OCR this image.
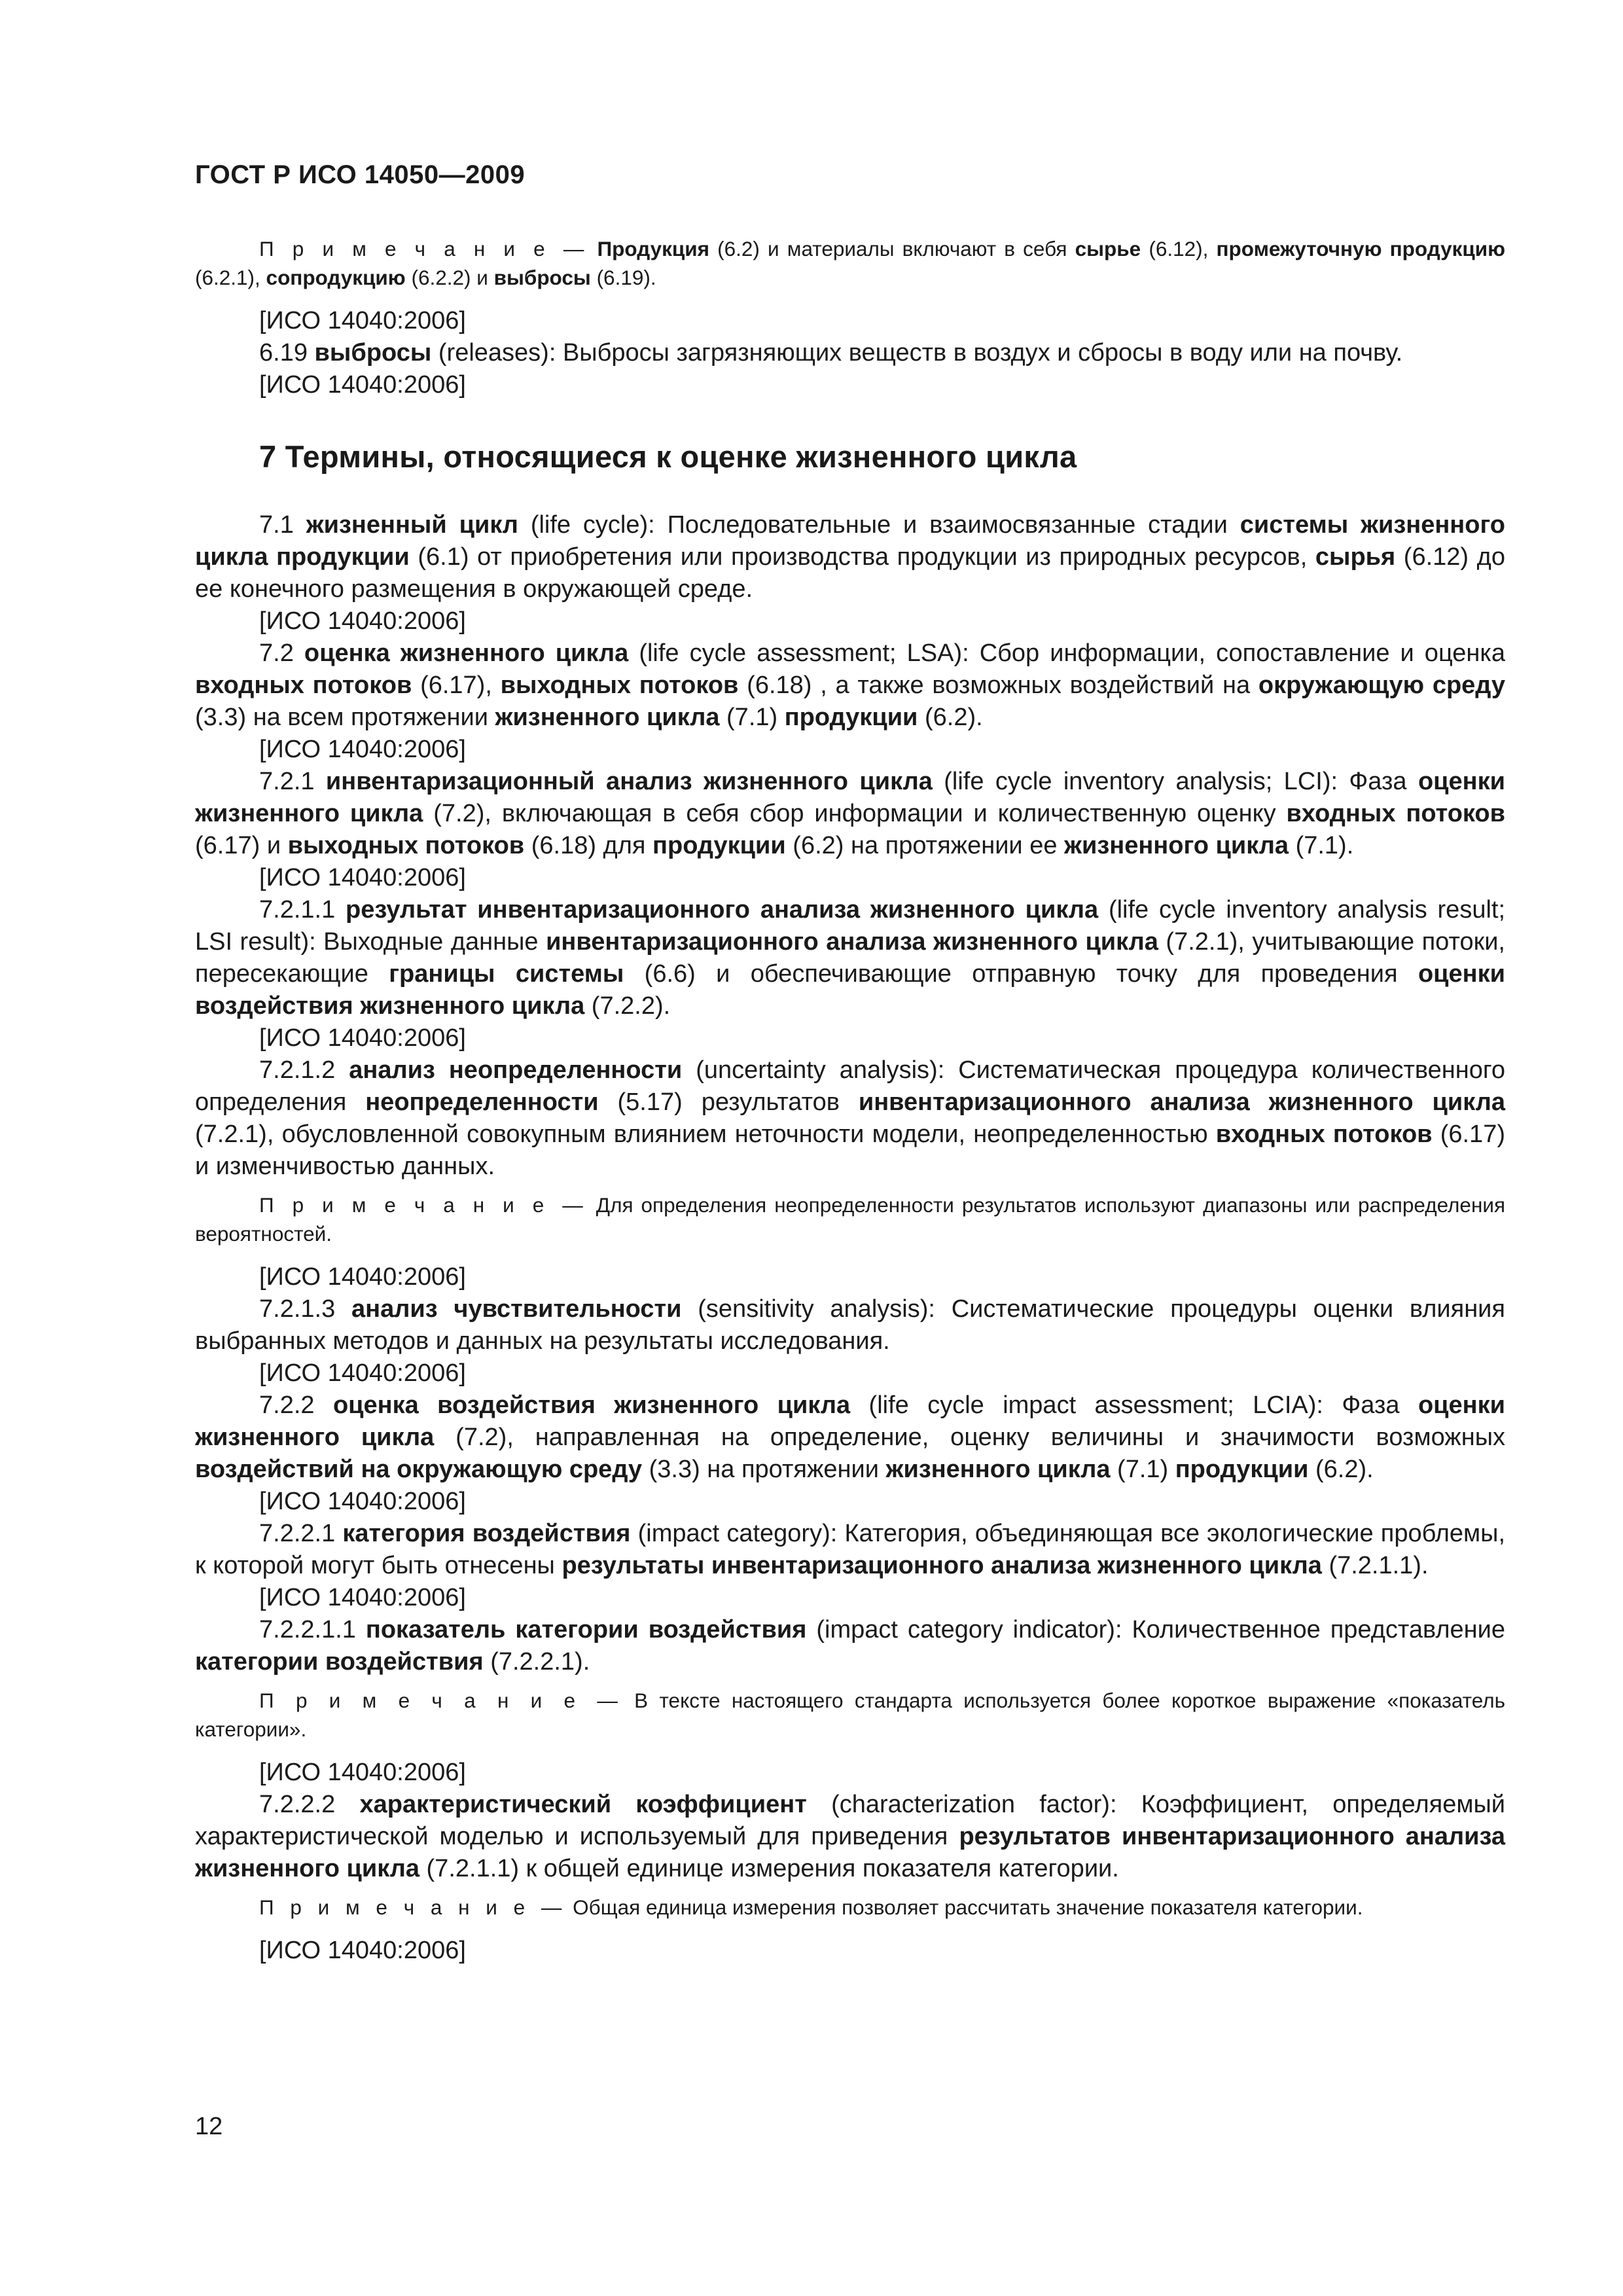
ГОСТ Р ИСО 14050—2009

П р и м е ч а н и е — Продукция (6.2) и материалы включают в себя сырье (6.12), промежуточную продукцию (6.2.1), сопродукцию (6.2.2) и выбросы (6.19).

[ИСО 14040:2006]

6.19 выбросы (releases): Выбросы загрязняющих веществ в воздух и сбросы в воду или на почву.

[ИСО 14040:2006]

7 Термины, относящиеся к оценке жизненного цикла

7.1 жизненный цикл (life cycle): Последовательные и взаимосвязанные стадии системы жизненного цикла продукции (6.1) от приобретения или производства продукции из природных ресурсов, сырья (6.12) до ее конечного размещения в окружающей среде.

[ИСО 14040:2006]

7.2 оценка жизненного цикла (life cycle assessment; LSA): Сбор информации, сопоставление и оценка входных потоков (6.17), выходных потоков (6.18) , а также возможных воздействий на окружающую среду (3.3) на всем протяжении жизненного цикла (7.1) продукции (6.2).

[ИСО 14040:2006]

7.2.1 инвентаризационный анализ жизненного цикла (life cycle inventory analysis; LCI): Фаза оценки жизненного цикла (7.2), включающая в себя сбор информации и количественную оценку входных потоков (6.17) и выходных потоков (6.18) для продукции (6.2) на протяжении ее жизненного цикла (7.1).

[ИСО 14040:2006]

7.2.1.1 результат инвентаризационного анализа жизненного цикла (life cycle inventory analysis result; LSI result): Выходные данные инвентаризационного анализа жизненного цикла (7.2.1), учитывающие потоки, пересекающие границы системы (6.6) и обеспечивающие отправную точку для проведения оценки воздействия жизненного цикла (7.2.2).

[ИСО 14040:2006]

7.2.1.2 анализ неопределенности (uncertainty analysis): Систематическая процедура количественного определения неопределенности (5.17) результатов инвентаризационного анализа жизненного цикла (7.2.1), обусловленной совокупным влиянием неточности модели, неопределенностью входных потоков (6.17) и изменчивостью данных.

П р и м е ч а н и е — Для определения неопределенности результатов используют диапазоны или распределения вероятностей.

[ИСО 14040:2006]

7.2.1.3 анализ чувствительности (sensitivity analysis): Систематические процедуры оценки влияния выбранных методов и данных на результаты исследования.

[ИСО 14040:2006]

7.2.2 оценка воздействия жизненного цикла (life cycle impact assessment; LCIA): Фаза оценки жизненного цикла (7.2), направленная на определение, оценку величины и значимости возможных воздействий на окружающую среду (3.3) на протяжении жизненного цикла (7.1) продукции (6.2).

[ИСО 14040:2006]

7.2.2.1 категория воздействия (impact category): Категория, объединяющая все экологические проблемы, к которой могут быть отнесены результаты инвентаризационного анализа жизненного цикла (7.2.1.1).

[ИСО 14040:2006]

7.2.2.1.1 показатель категории воздействия (impact category indicator): Количественное представление категории воздействия (7.2.2.1).

П р и м е ч а н и е — В тексте настоящего стандарта используется более короткое выражение «показатель категории».

[ИСО 14040:2006]

7.2.2.2 характеристический коэффициент (characterization factor): Коэффициент, определяемый характеристической моделью и используемый для приведения результатов инвентаризационного анализа жизненного цикла (7.2.1.1) к общей единице измерения показателя категории.

П р и м е ч а н и е — Общая единица измерения позволяет рассчитать значение показателя категории.

[ИСО 14040:2006]

12
